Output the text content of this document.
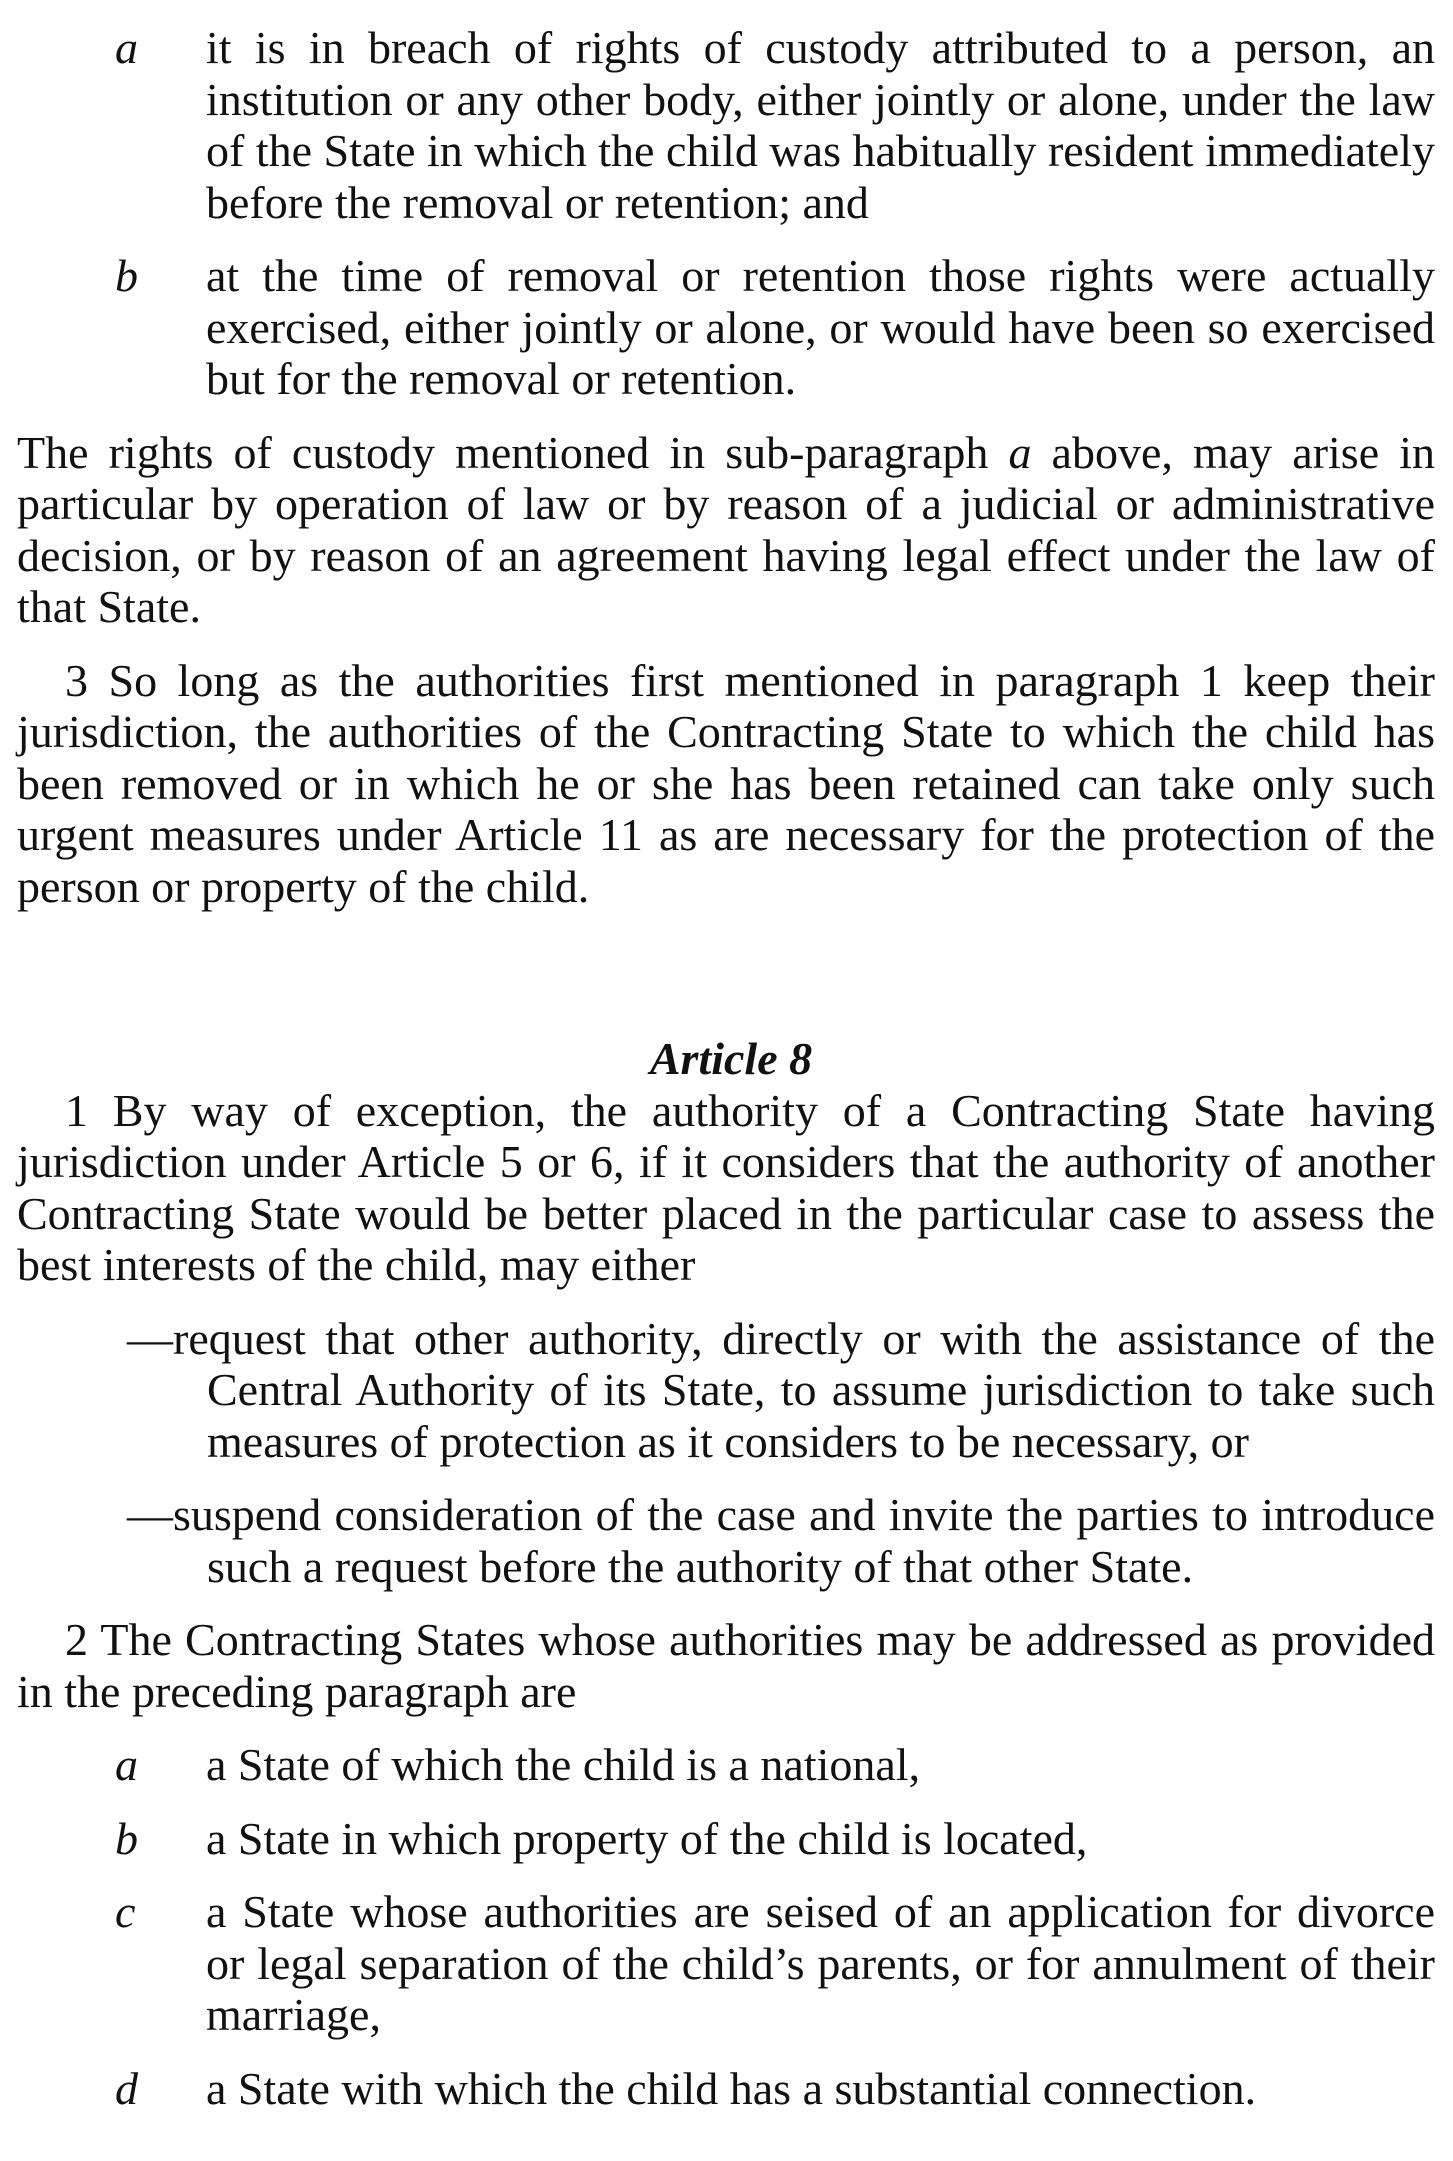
a	it is in breach of rights of custody attributed to a person, an institution or any other body, either jointly or alone, under the law of the State in which the child was habitually resident immediately before the removal or retention; and
b	at the time of removal or retention those rights were actually exercised, either jointly or alone, or would have been so exercised but for the removal or retention.

The rights of custody mentioned in sub-paragraph a above, may arise in particular by operation of law or by reason of a judicial or administrative decision, or by reason of an agreement having legal effect under the law of that State.

3 So long as the authorities first mentioned in paragraph 1 keep their jurisdiction, the authorities of the Contracting State to which the child has been removed or in which he or she has been retained can take only such urgent measures under Article 11 as are necessary for the protection of the person or property of the child.

Article 8

1 By way of exception, the authority of a Contracting State having jurisdiction under Article 5 or 6, if it considers that the authority of another Contracting State would be better placed in the particular case to assess the best interests of the child, may either

—request that other authority, directly or with the assistance of the Central Authority of its State, to assume jurisdiction to take such measures of protection as it considers to be necessary, or

—suspend consideration of the case and invite the parties to introduce such a request before the authority of that other State.

2 The Contracting States whose authorities may be addressed as provided in the preceding paragraph are

a	a State of which the child is a national,
b	a State in which property of the child is located,
c	a State whose authorities are seised of an application for divorce or legal separation of the child’s parents, or for annulment of their marriage,
d	a State with which the child has a substantial connection.
